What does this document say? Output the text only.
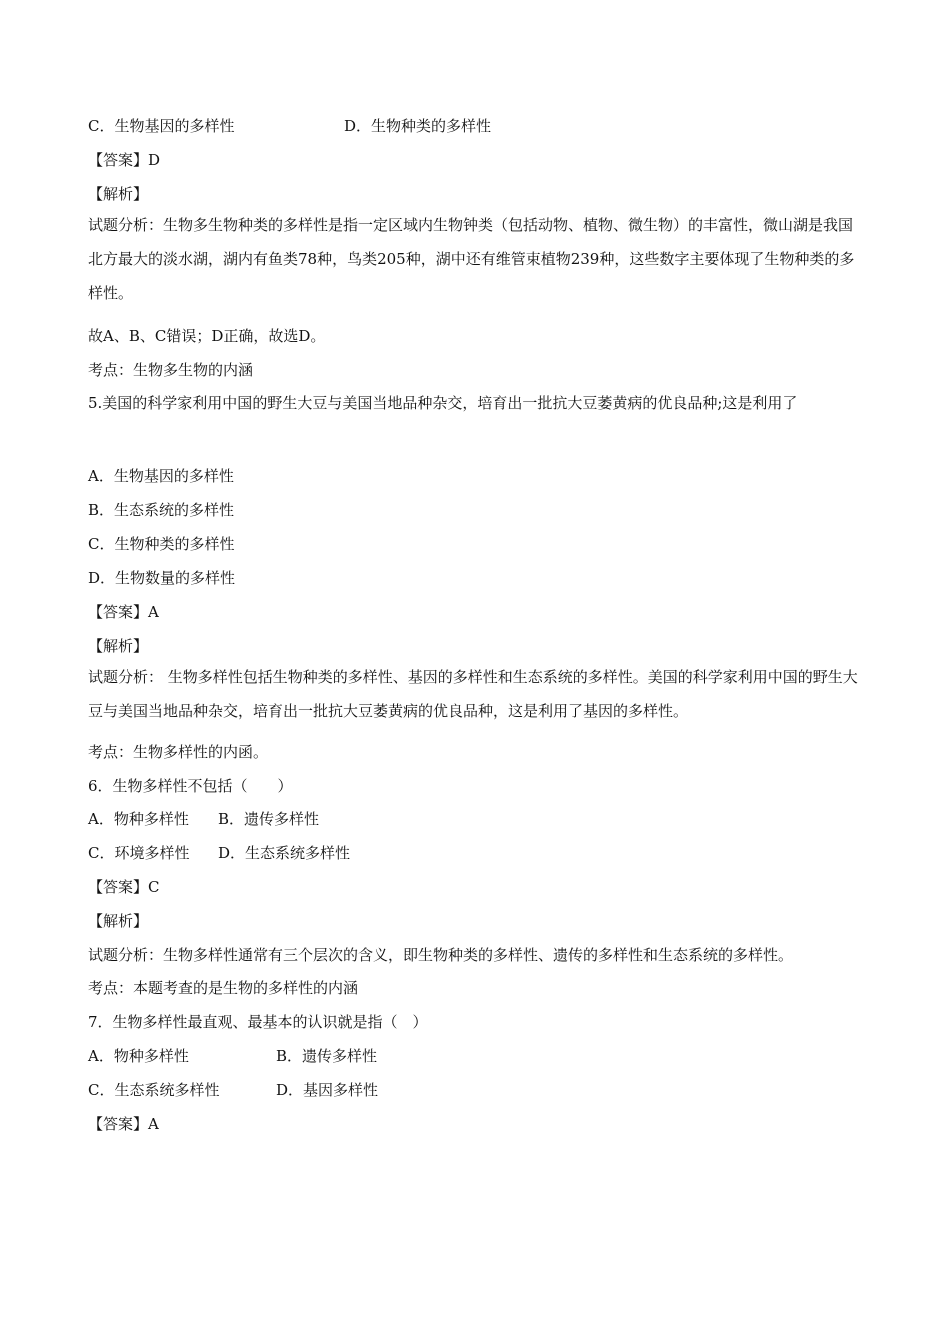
C．生物基因的多样性	D．生物种类的多样性
【答案】D
【解析】
试题分析：生物多生物种类的多样性是指一定区域内生物钟类（包括动物、植物、微生物）的丰富性，微山湖是我国北方最大的淡水湖，湖内有鱼类78种，鸟类205种，湖中还有维管束植物239种，这些数字主要体现了生物种类的多样性。
故A、B、C错误；D正确，故选D。
考点：生物多生物的内涵
5.美国的科学家利用中国的野生大豆与美国当地品种杂交，培育出一批抗大豆萎黄病的优良品种;这是利用了
A．生物基因的多样性
B．生态系统的多样性
C．生物种类的多样性
D．生物数量的多样性
【答案】A
【解析】
试题分析： 生物多样性包括生物种类的多样性、基因的多样性和生态系统的多样性。美国的科学家利用中国的野生大豆与美国当地品种杂交，培育出一批抗大豆萎黄病的优良品种，这是利用了基因的多样性。
考点：生物多样性的内函。
6．生物多样性不包括（　　）
A．物种多样性 B．遗传多样性
C．环境多样性 D．生态系统多样性
【答案】C
【解析】
试题分析：生物多样性通常有三个层次的含义，即生物种类的多样性、遗传的多样性和生态系统的多样性。
考点：本题考查的是生物的多样性的内涵
7．生物多样性最直观、最基本的认识就是指（　）
A．物种多样性	B．遗传多样性
C．生态系统多样性	D．基因多样性
【答案】A
